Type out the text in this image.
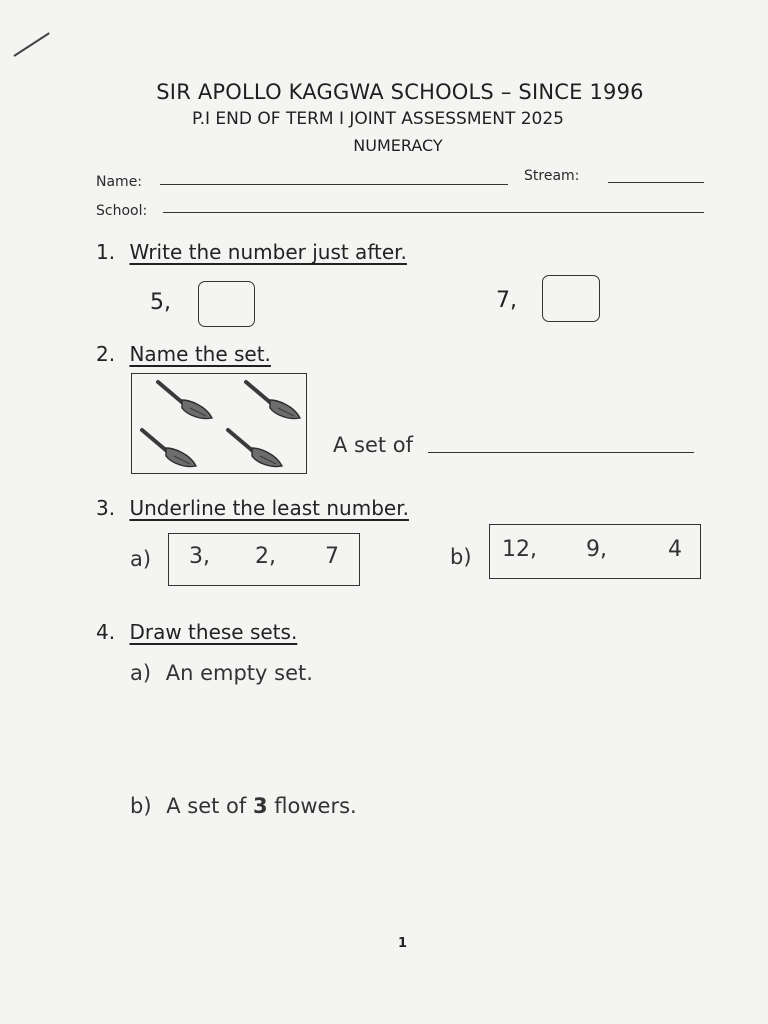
SIR APOLLO KAGGWA SCHOOLS – SINCE 1996
P.I END OF TERM I JOINT ASSESSMENT 2025
NUMERACY
Name:	Stream:
School:
1. Write the number just after.
5,	7,
2. Name the set.
A set of
3. Underline the least number.
a) 3, 2, 7	b) 12, 9,	4
4. Draw these sets.
a) An empty set.
b) A set of 3 flowers.
1
